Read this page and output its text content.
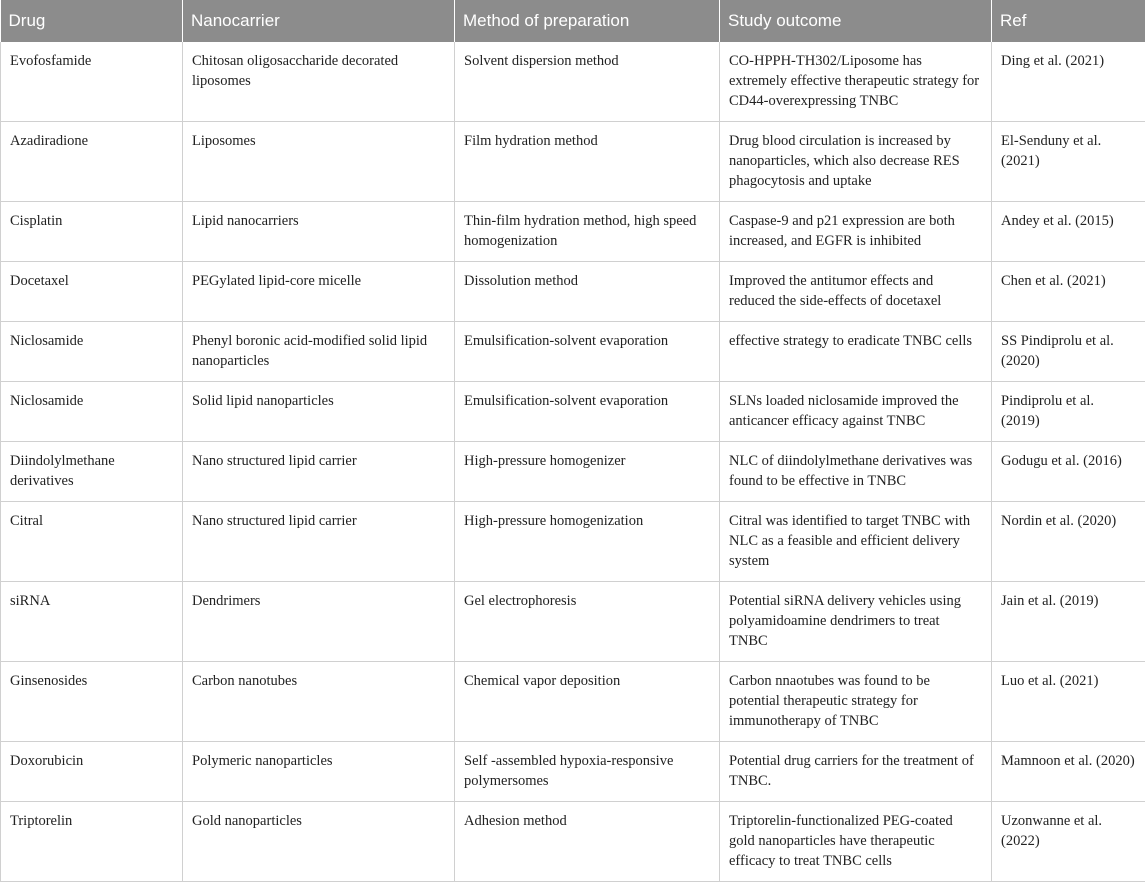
Drug	Nanocarrier	Method of preparation	Study outcome	Ref
Evofosfamide	Chitosan oligosaccharide decorated liposomes	Solvent dispersion method	CO-HPPH-TH302/Liposome has extremely effective therapeutic strategy for CD44-overexpressing TNBC	Ding et al. (2021)
Azadiradione	Liposomes	Film hydration method	Drug blood circulation is increased by nanoparticles, which also decrease RES phagocytosis and uptake	El-Senduny et al. (2021)
Cisplatin	Lipid nanocarriers	Thin-film hydration method, high speed homogenization	Caspase-9 and p21 expression are both increased, and EGFR is inhibited	Andey et al. (2015)
Docetaxel	PEGylated lipid-core micelle	Dissolution method	Improved the antitumor effects and reduced the side-effects of docetaxel	Chen et al. (2021)
Niclosamide	Phenyl boronic acid-modified solid lipid nanoparticles	Emulsification-solvent evaporation	effective strategy to eradicate TNBC cells	SS Pindiprolu et al. (2020)
Niclosamide	Solid lipid nanoparticles	Emulsification-solvent evaporation	SLNs loaded niclosamide improved the anticancer efficacy against TNBC	Pindiprolu et al. (2019)
Diindolylmethane derivatives	Nano structured lipid carrier	High-pressure homogenizer	NLC of diindolylmethane derivatives was found to be effective in TNBC	Godugu et al. (2016)
Citral	Nano structured lipid carrier	High-pressure homogenization	Citral was identified to target TNBC with NLC as a feasible and efficient delivery system	Nordin et al. (2020)
siRNA	Dendrimers	Gel electrophoresis	Potential siRNA delivery vehicles using polyamidoamine dendrimers to treat TNBC	Jain et al. (2019)
Ginsenosides	Carbon nanotubes	Chemical vapor deposition	Carbon nnaotubes was found to be potential therapeutic strategy for immunotherapy of TNBC	Luo et al. (2021)
Doxorubicin	Polymeric nanoparticles	Self -assembled hypoxia-responsive polymersomes	Potential drug carriers for the treatment of TNBC.	Mamnoon et al. (2020)
Triptorelin	Gold nanoparticles	Adhesion method	Triptorelin-functionalized PEG-coated gold nanoparticles have therapeutic efficacy to treat TNBC cells	Uzonwanne et al. (2022)
